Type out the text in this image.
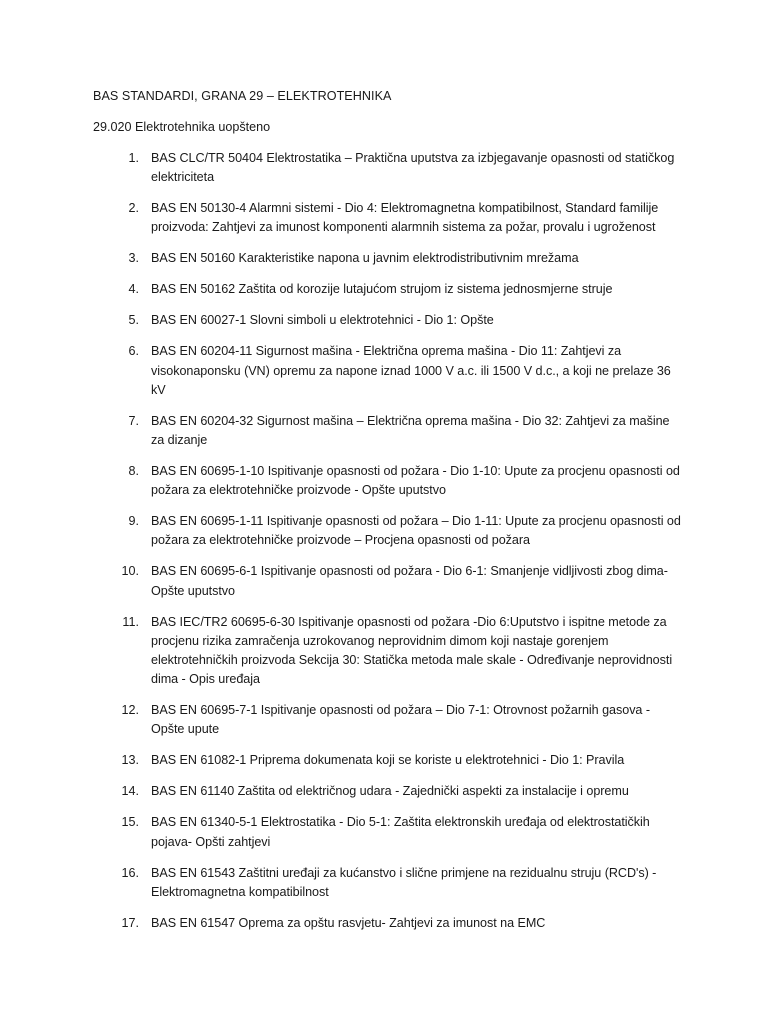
BAS STANDARDI, GRANA 29 – ELEKTROTEHNIKA
29.020 Elektrotehnika uopšteno
1. BAS CLC/TR 50404 Elektrostatika – Praktična uputstva za izbjegavanje opasnosti od statičkog elektriciteta
2. BAS EN 50130-4 Alarmni sistemi - Dio 4: Elektromagnetna kompatibilnost, Standard familije proizvoda: Zahtjevi za imunost komponenti alarmnih sistema za požar, provalu i ugroženost
3. BAS EN 50160 Karakteristike napona u javnim elektrodistributivnim mrežama
4. BAS EN 50162 Zaštita od korozije lutajućom strujom iz sistema jednosmjerne struje
5. BAS EN 60027-1 Slovni simboli u elektrotehnici - Dio 1: Opšte
6. BAS EN 60204-11 Sigurnost mašina - Električna oprema mašina - Dio 11: Zahtjevi za visokonaponsku (VN) opremu za napone iznad 1000 V a.c. ili 1500 V d.c., a koji ne prelaze 36 kV
7. BAS EN 60204-32 Sigurnost mašina – Električna oprema mašina - Dio 32: Zahtjevi za mašine za dizanje
8. BAS EN 60695-1-10 Ispitivanje opasnosti od požara - Dio 1-10: Upute za procjenu opasnosti od požara za elektrotehničke proizvode - Opšte uputstvo
9. BAS EN 60695-1-11 Ispitivanje opasnosti od požara – Dio 1-11: Upute za procjenu opasnosti od požara za elektrotehničke proizvode – Procjena opasnosti od požara
10. BAS EN 60695-6-1 Ispitivanje opasnosti od požara - Dio 6-1: Smanjenje vidljivosti zbog dima-Opšte uputstvo
11. BAS IEC/TR2 60695-6-30 Ispitivanje opasnosti od požara -Dio 6:Uputstvo i ispitne metode za procjenu rizika zamračenja uzrokovanog neprovidnim dimom koji nastaje gorenjem elektrotehničkih proizvoda Sekcija 30: Statička metoda male skale - Određivanje neprovidnosti dima - Opis uređaja
12. BAS EN 60695-7-1 Ispitivanje opasnosti od požara – Dio 7-1: Otrovnost požarnih gasova - Opšte upute
13. BAS EN 61082-1 Priprema dokumenata koji se koriste u elektrotehnici - Dio 1: Pravila
14. BAS EN 61140 Zaštita od električnog udara - Zajednički aspekti za instalacije i opremu
15. BAS EN 61340-5-1 Elektrostatika - Dio 5-1: Zaštita elektronskih uređaja od elektrostatičkih pojava- Opšti zahtjevi
16. BAS EN 61543 Zaštitni uređaji za kućanstvo i slične primjene na rezidualnu struju (RCD's) - Elektromagnetna kompatibilnost
17. BAS EN 61547 Oprema za opštu rasvjetu- Zahtjevi za imunost na EMC
